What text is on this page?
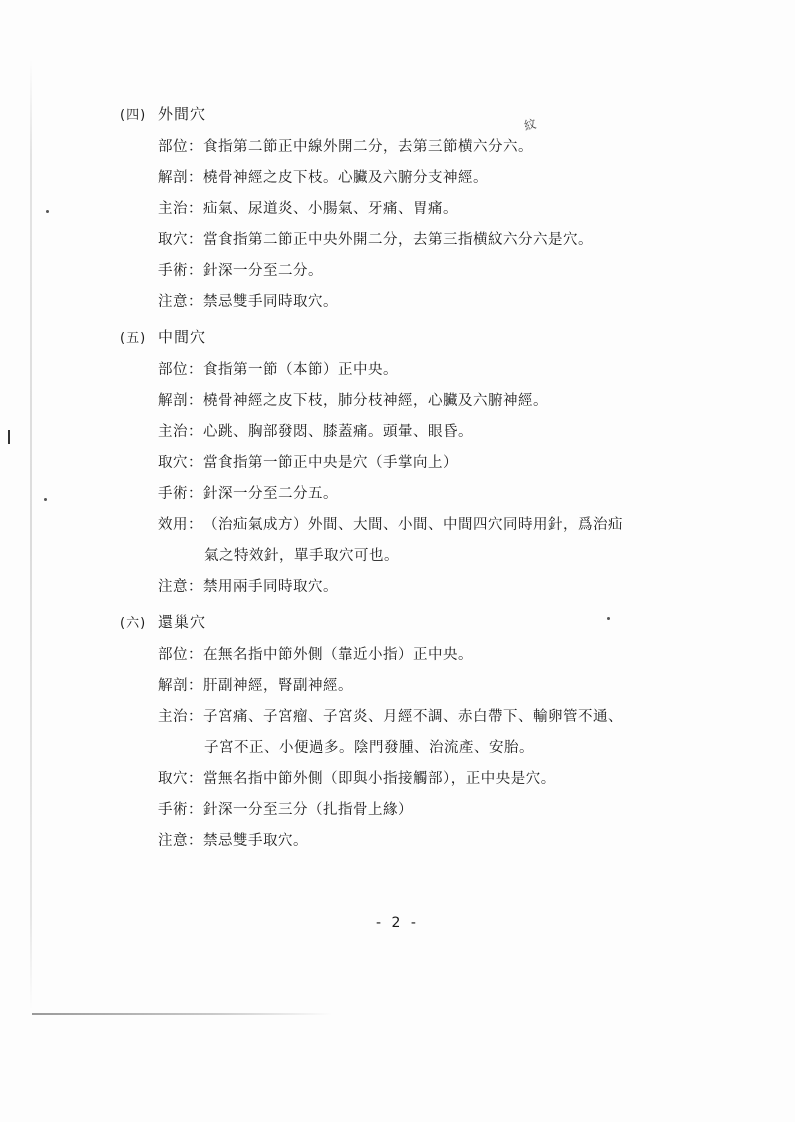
(四) 外間穴
部位：食指第二節正中線外開二分，去第三節横六分六。
解剖：橈骨神經之皮下枝。心臟及六腑分支神經。
主治：疝氣、尿道炎、小腸氣、牙痛、胃痛。
取穴：當食指第二節正中央外開二分，去第三指横紋六分六是穴。
手術：針深一分至二分。
注意：禁忌雙手同時取穴。
紋
(五) 中間穴
部位：食指第一節（本節）正中央。
解剖：橈骨神經之皮下枝，肺分枝神經，心臟及六腑神經。
主治：心跳、胸部發悶、膝蓋痛。頭暈、眼昏。
取穴：當食指第一節正中央是穴（手掌向上）
手術：針深一分至二分五。
效用：（治疝氣成方）外間、大間、小間、中間四穴同時用針，爲治疝
氣之特效針，單手取穴可也。
注意：禁用兩手同時取穴。
(六) 還巢穴
部位：在無名指中節外側（靠近小指）正中央。
解剖：肝副神經，腎副神經。
主治：子宮痛、子宮瘤、子宮炎、月經不調、赤白帶下、輸卵管不通、
子宮不正、小便過多。陰門發腫、治流產、安胎。
取穴：當無名指中節外側（即與小指接觸部），正中央是穴。
手術：針深一分至三分（扎指骨上緣）
注意：禁忌雙手取穴。
- 2 -
